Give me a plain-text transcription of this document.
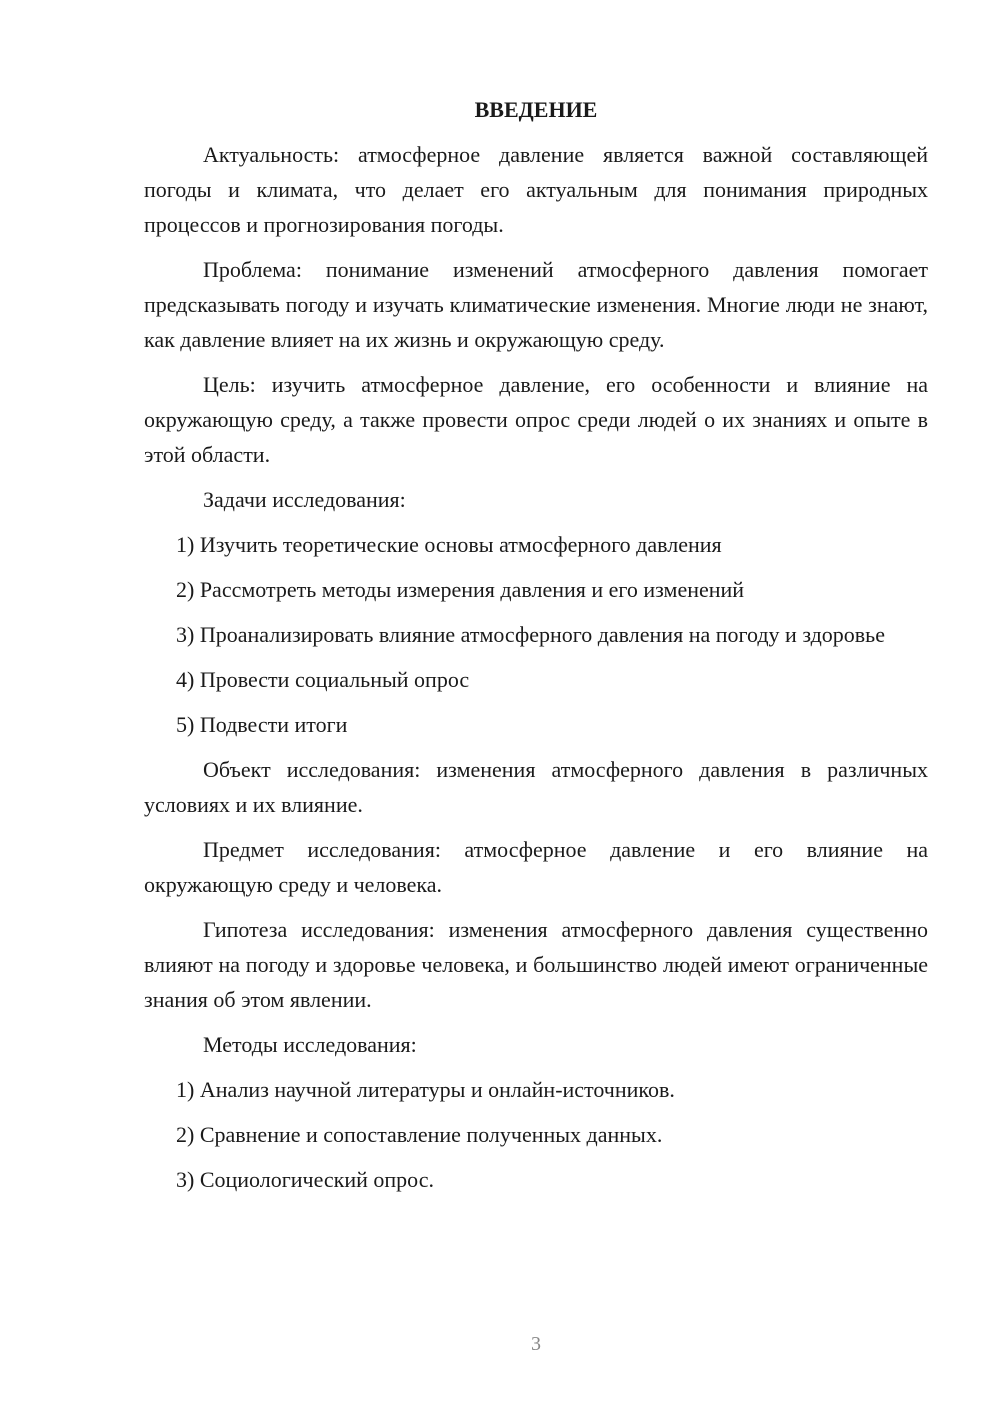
ВВЕДЕНИЕ

Актуальность: атмосферное давление является важной составляющей погоды и климата, что делает его актуальным для понимания природных процессов и прогнозирования погоды.

Проблема: понимание изменений атмосферного давления помогает предсказывать погоду и изучать климатические изменения. Многие люди не знают, как давление влияет на их жизнь и окружающую среду.

Цель: изучить атмосферное давление, его особенности и влияние на окружающую среду, а также провести опрос среди людей о их знаниях и опыте в этой области.

Задачи исследования:

1) Изучить теоретические основы атмосферного давления

2) Рассмотреть методы измерения давления и его изменений

3) Проанализировать влияние атмосферного давления на погоду и здоровье

4) Провести социальный опрос

5) Подвести итоги

Объект исследования: изменения атмосферного давления в различных условиях и их влияние.

Предмет исследования: атмосферное давление и его влияние на окружающую среду и человека.

Гипотеза исследования: изменения атмосферного давления существенно влияют на погоду и здоровье человека, и большинство людей имеют ограниченные знания об этом явлении.

Методы исследования:

1) Анализ научной литературы и онлайн-источников.

2) Сравнение и сопоставление полученных данных.

3) Социологический опрос.

3
